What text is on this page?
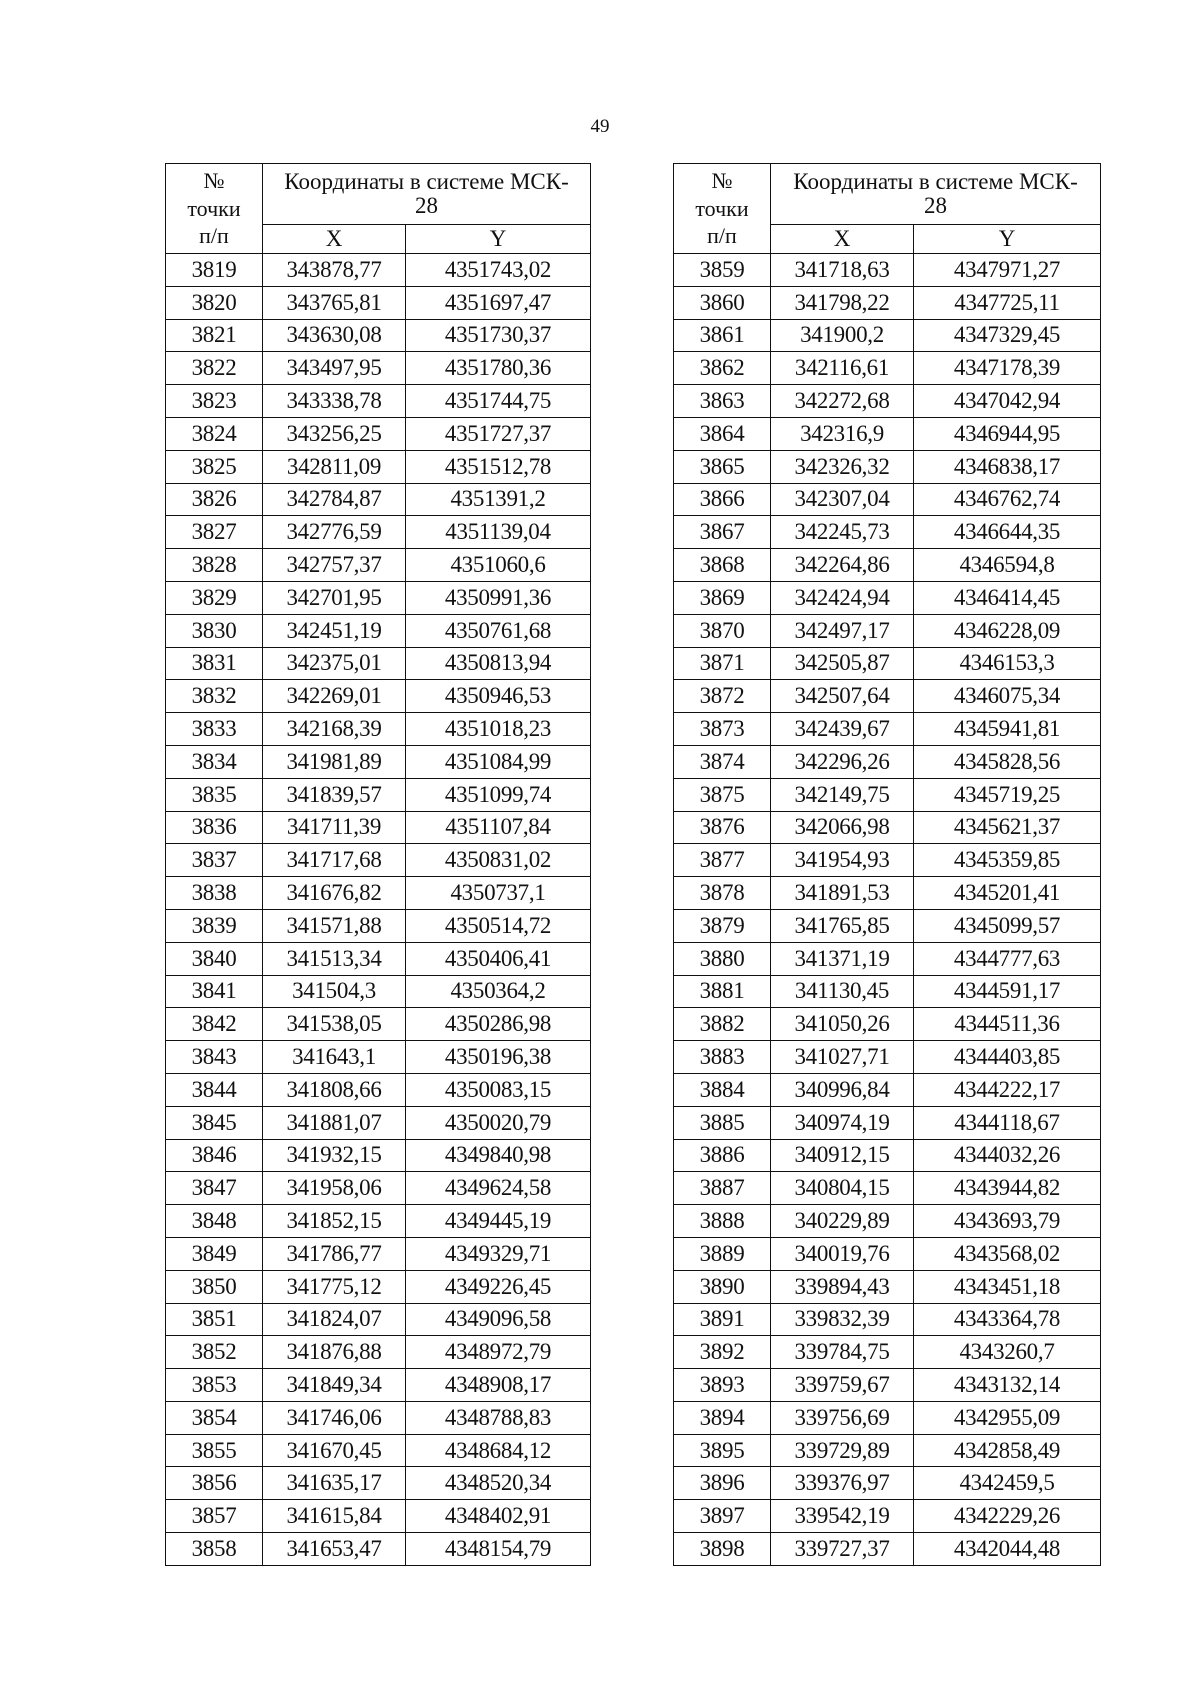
49
№
точки
п/п	Координаты в системе МСК-
28	

	X	Y
3819	343878,77	4351743,02
3820	343765,81	4351697,47
3821	343630,08	4351730,37
3822	343497,95	4351780,36
3823	343338,78	4351744,75
3824	343256,25	4351727,37
3825	342811,09	4351512,78
3826	342784,87	4351391,2
3827	342776,59	4351139,04
3828	342757,37	4351060,6
3829	342701,95	4350991,36
3830	342451,19	4350761,68
3831	342375,01	4350813,94
3832	342269,01	4350946,53
3833	342168,39	4351018,23
3834	341981,89	4351084,99
3835	341839,57	4351099,74
3836	341711,39	4351107,84
3837	341717,68	4350831,02
3838	341676,82	4350737,1
3839	341571,88	4350514,72
3840	341513,34	4350406,41
3841	341504,3	4350364,2
3842	341538,05	4350286,98
3843	341643,1	4350196,38
3844	341808,66	4350083,15
3845	341881,07	4350020,79
3846	341932,15	4349840,98
3847	341958,06	4349624,58
3848	341852,15	4349445,19
3849	341786,77	4349329,71
3850	341775,12	4349226,45
3851	341824,07	4349096,58
3852	341876,88	4348972,79
3853	341849,34	4348908,17
3854	341746,06	4348788,83
3855	341670,45	4348684,12
3856	341635,17	4348520,34
3857	341615,84	4348402,91
3858	341653,47	4348154,79
№
точки
п/п	Координаты в системе МСК-
28	

	X	Y
3859	341718,63	4347971,27
3860	341798,22	4347725,11
3861	341900,2	4347329,45
3862	342116,61	4347178,39
3863	342272,68	4347042,94
3864	342316,9	4346944,95
3865	342326,32	4346838,17
3866	342307,04	4346762,74
3867	342245,73	4346644,35
3868	342264,86	4346594,8
3869	342424,94	4346414,45
3870	342497,17	4346228,09
3871	342505,87	4346153,3
3872	342507,64	4346075,34
3873	342439,67	4345941,81
3874	342296,26	4345828,56
3875	342149,75	4345719,25
3876	342066,98	4345621,37
3877	341954,93	4345359,85
3878	341891,53	4345201,41
3879	341765,85	4345099,57
3880	341371,19	4344777,63
3881	341130,45	4344591,17
3882	341050,26	4344511,36
3883	341027,71	4344403,85
3884	340996,84	4344222,17
3885	340974,19	4344118,67
3886	340912,15	4344032,26
3887	340804,15	4343944,82
3888	340229,89	4343693,79
3889	340019,76	4343568,02
3890	339894,43	4343451,18
3891	339832,39	4343364,78
3892	339784,75	4343260,7
3893	339759,67	4343132,14
3894	339756,69	4342955,09
3895	339729,89	4342858,49
3896	339376,97	4342459,5
3897	339542,19	4342229,26
3898	339727,37	4342044,48
